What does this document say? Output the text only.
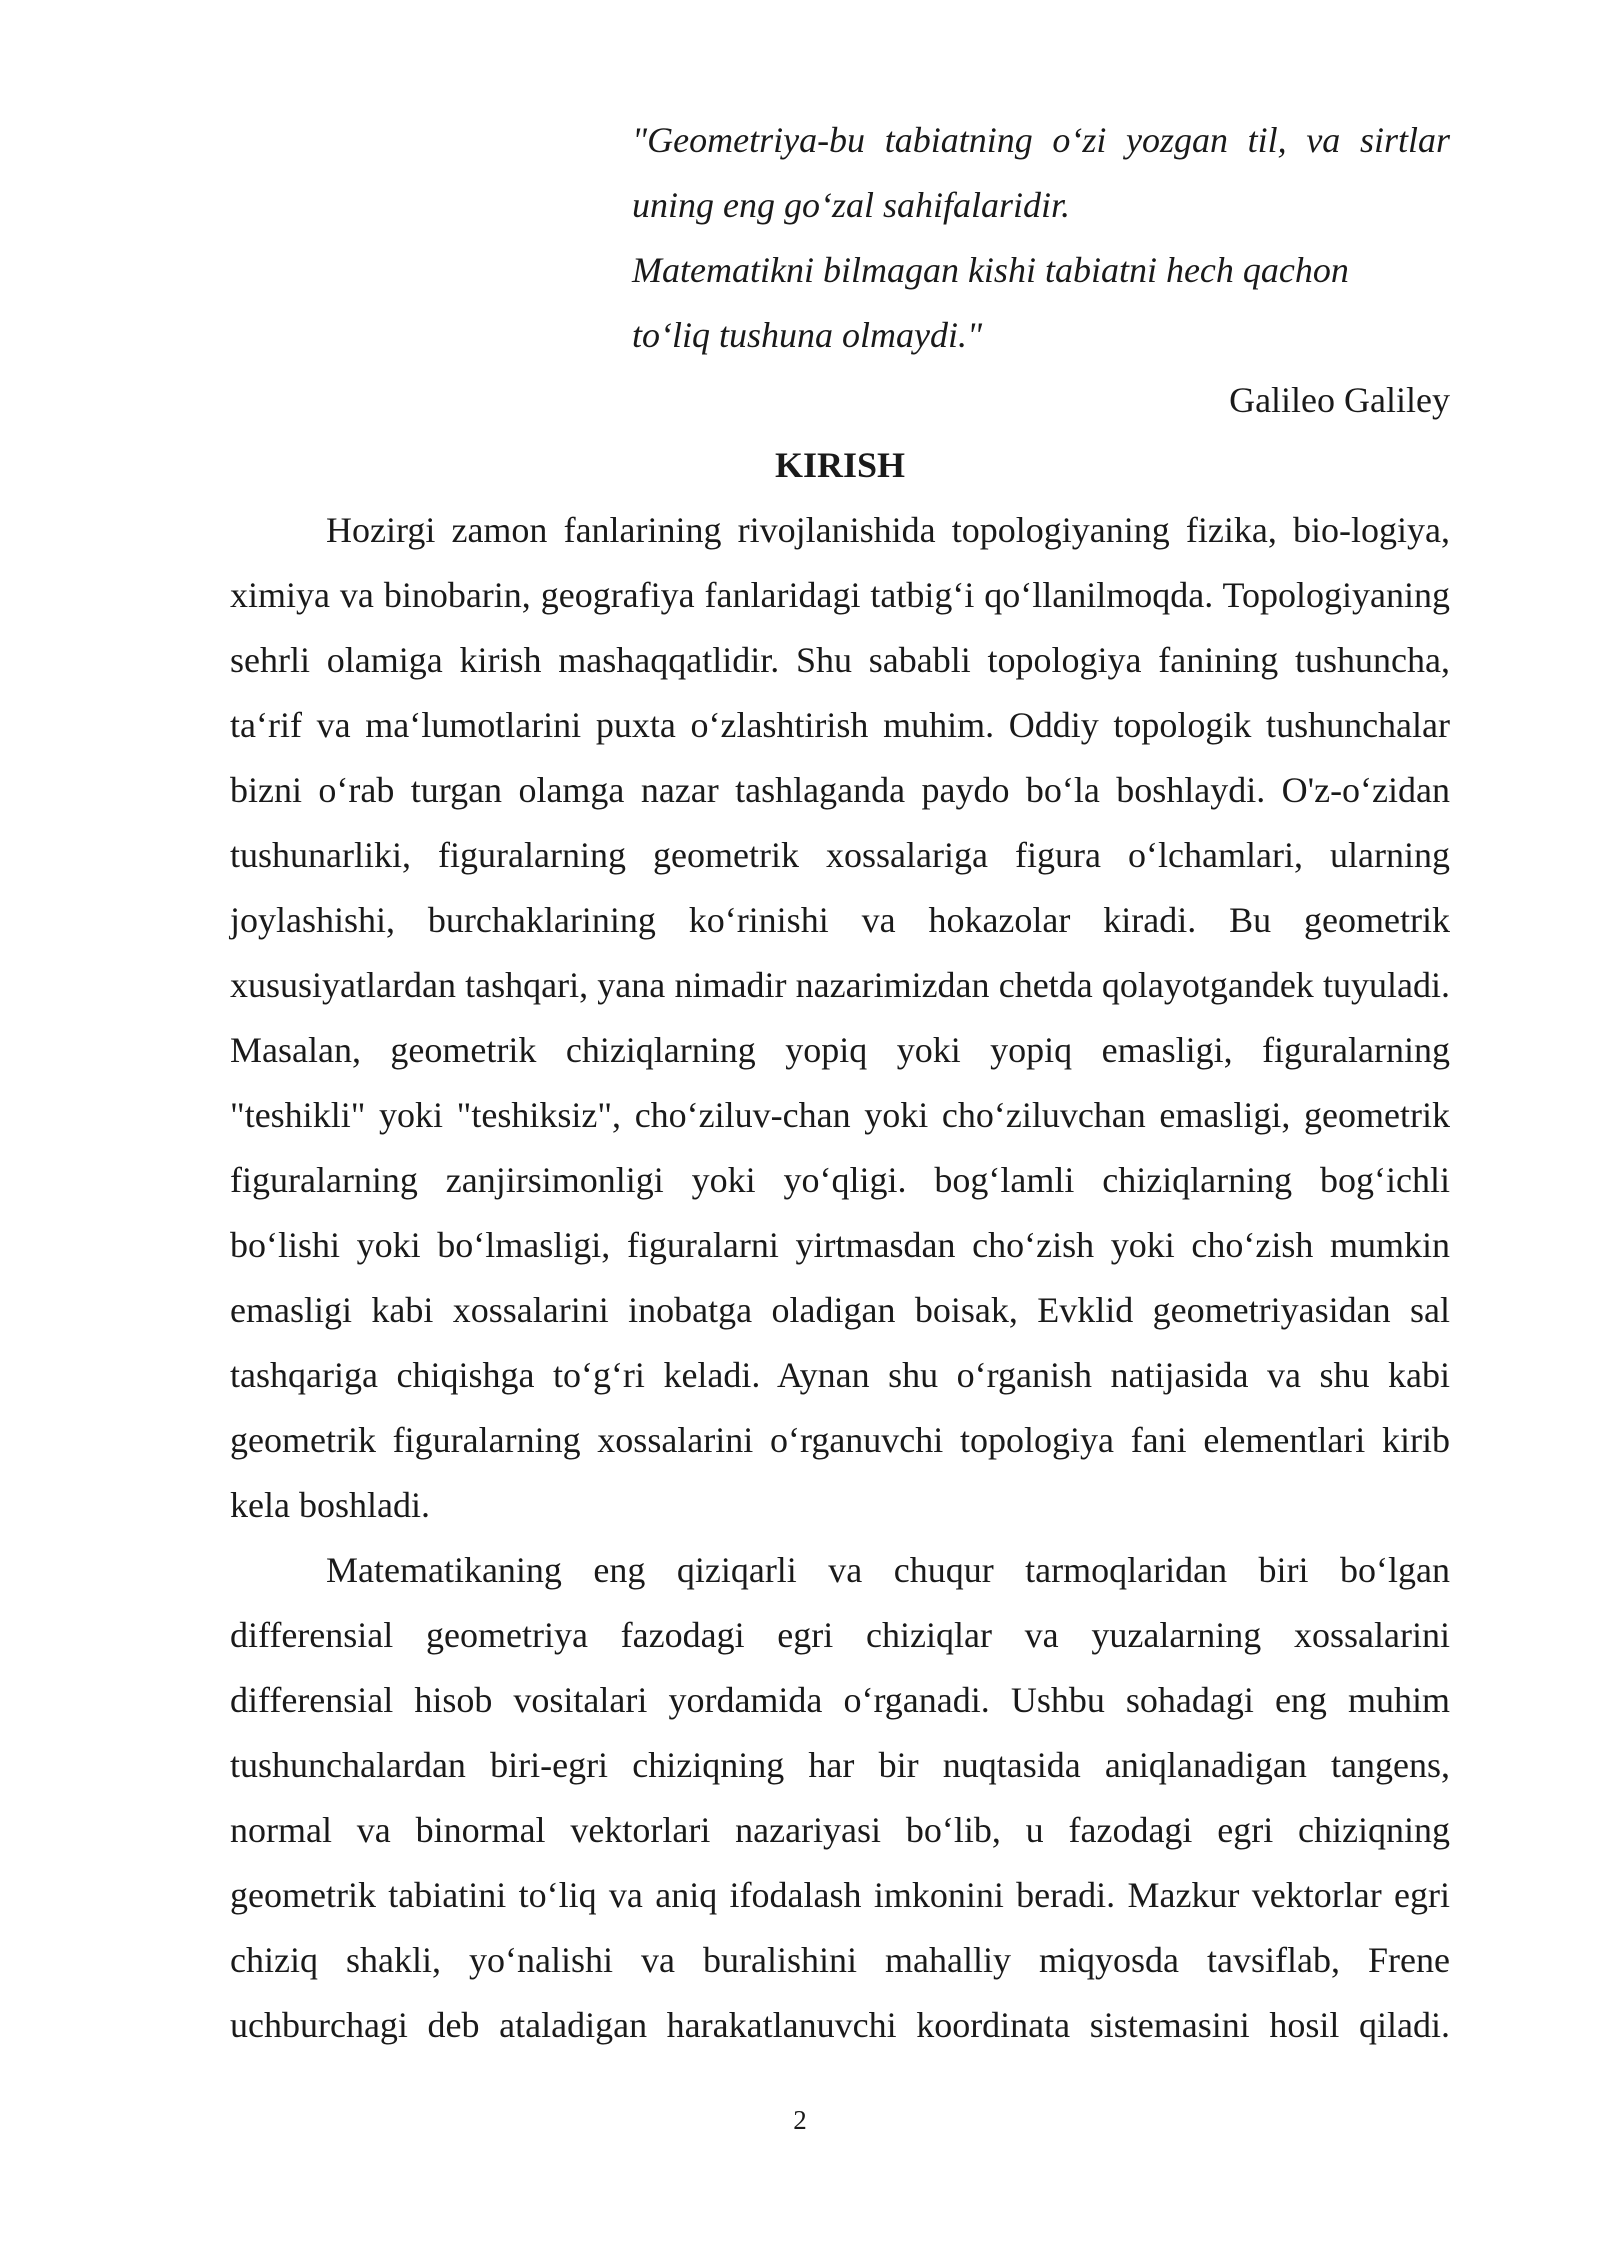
"Geometriya-bu tabiatning o‘zi yozgan til, va sirtlar

uning eng go‘zal sahifalaridir.

Matematikni bilmagan kishi tabiatni hech qachon

to‘liq tushuna olmaydi."

Galileo Galiley
KIRISH

Hozirgi zamon fanlarining rivojlanishida topologiyaning fizika, bio-logiya, ximiya va binobarin, geografiya fanlaridagi tatbig‘i qo‘llanilmoqda. Topologiyaning sehrli olamiga kirish mashaqqatlidir. Shu sababli topologiya fanining tushuncha, ta‘rif va ma‘lumotlarini puxta o‘zlashtirish muhim. Oddiy topologik tushunchalar bizni o‘rab turgan olamga nazar tashlaganda paydo bo‘la boshlaydi. O'z-o‘zidan tushunarliki, figuralarning geometrik xossalariga figura o‘lchamlari, ularning joylashishi, burchaklarining ko‘rinishi va hokazolar kiradi. Bu geometrik xususiyatlardan tashqari, yana nimadir nazarimizdan chetda qolayotgandek tuyuladi. Masalan, geometrik chiziqlarning yopiq yoki yopiq emasligi, figuralarning "teshikli" yoki "teshiksiz", cho‘ziluv-chan yoki cho‘ziluvchan emasligi, geometrik figuralarning zanjirsimonligi yoki yo‘qligi. bog‘lamli chiziqlarning bog‘ichli bo‘lishi yoki bo‘lmasligi, figuralarni yirtmasdan cho‘zish yoki cho‘zish mumkin emasligi kabi xossalarini inobatga oladigan boisak, Evklid geometriyasidan sal tashqariga chiqishga to‘g‘ri keladi. Aynan shu o‘rganish natijasida va shu kabi geometrik figuralarning xossalarini o‘rganuvchi topologiya fani elementlari kirib kela boshladi.

Matematikaning eng qiziqarli va chuqur tarmoqlaridan biri bo‘lgan differensial geometriya fazodagi egri chiziqlar va yuzalarning xossalarini differensial hisob vositalari yordamida o‘rganadi. Ushbu sohadagi eng muhim tushunchalardan biri-egri chiziqning har bir nuqtasida aniqlanadigan tangens, normal va binormal vektorlari nazariyasi bo‘lib, u fazodagi egri chiziqning geometrik tabiatini to‘liq va aniq ifodalash imkonini beradi. Mazkur vektorlar egri chiziq shakli, yo‘nalishi va buralishini mahalliy miqyosda tavsiflab, Frene uchburchagi deb ataladigan harakatlanuvchi koordinata sistemasini hosil qiladi.

2
